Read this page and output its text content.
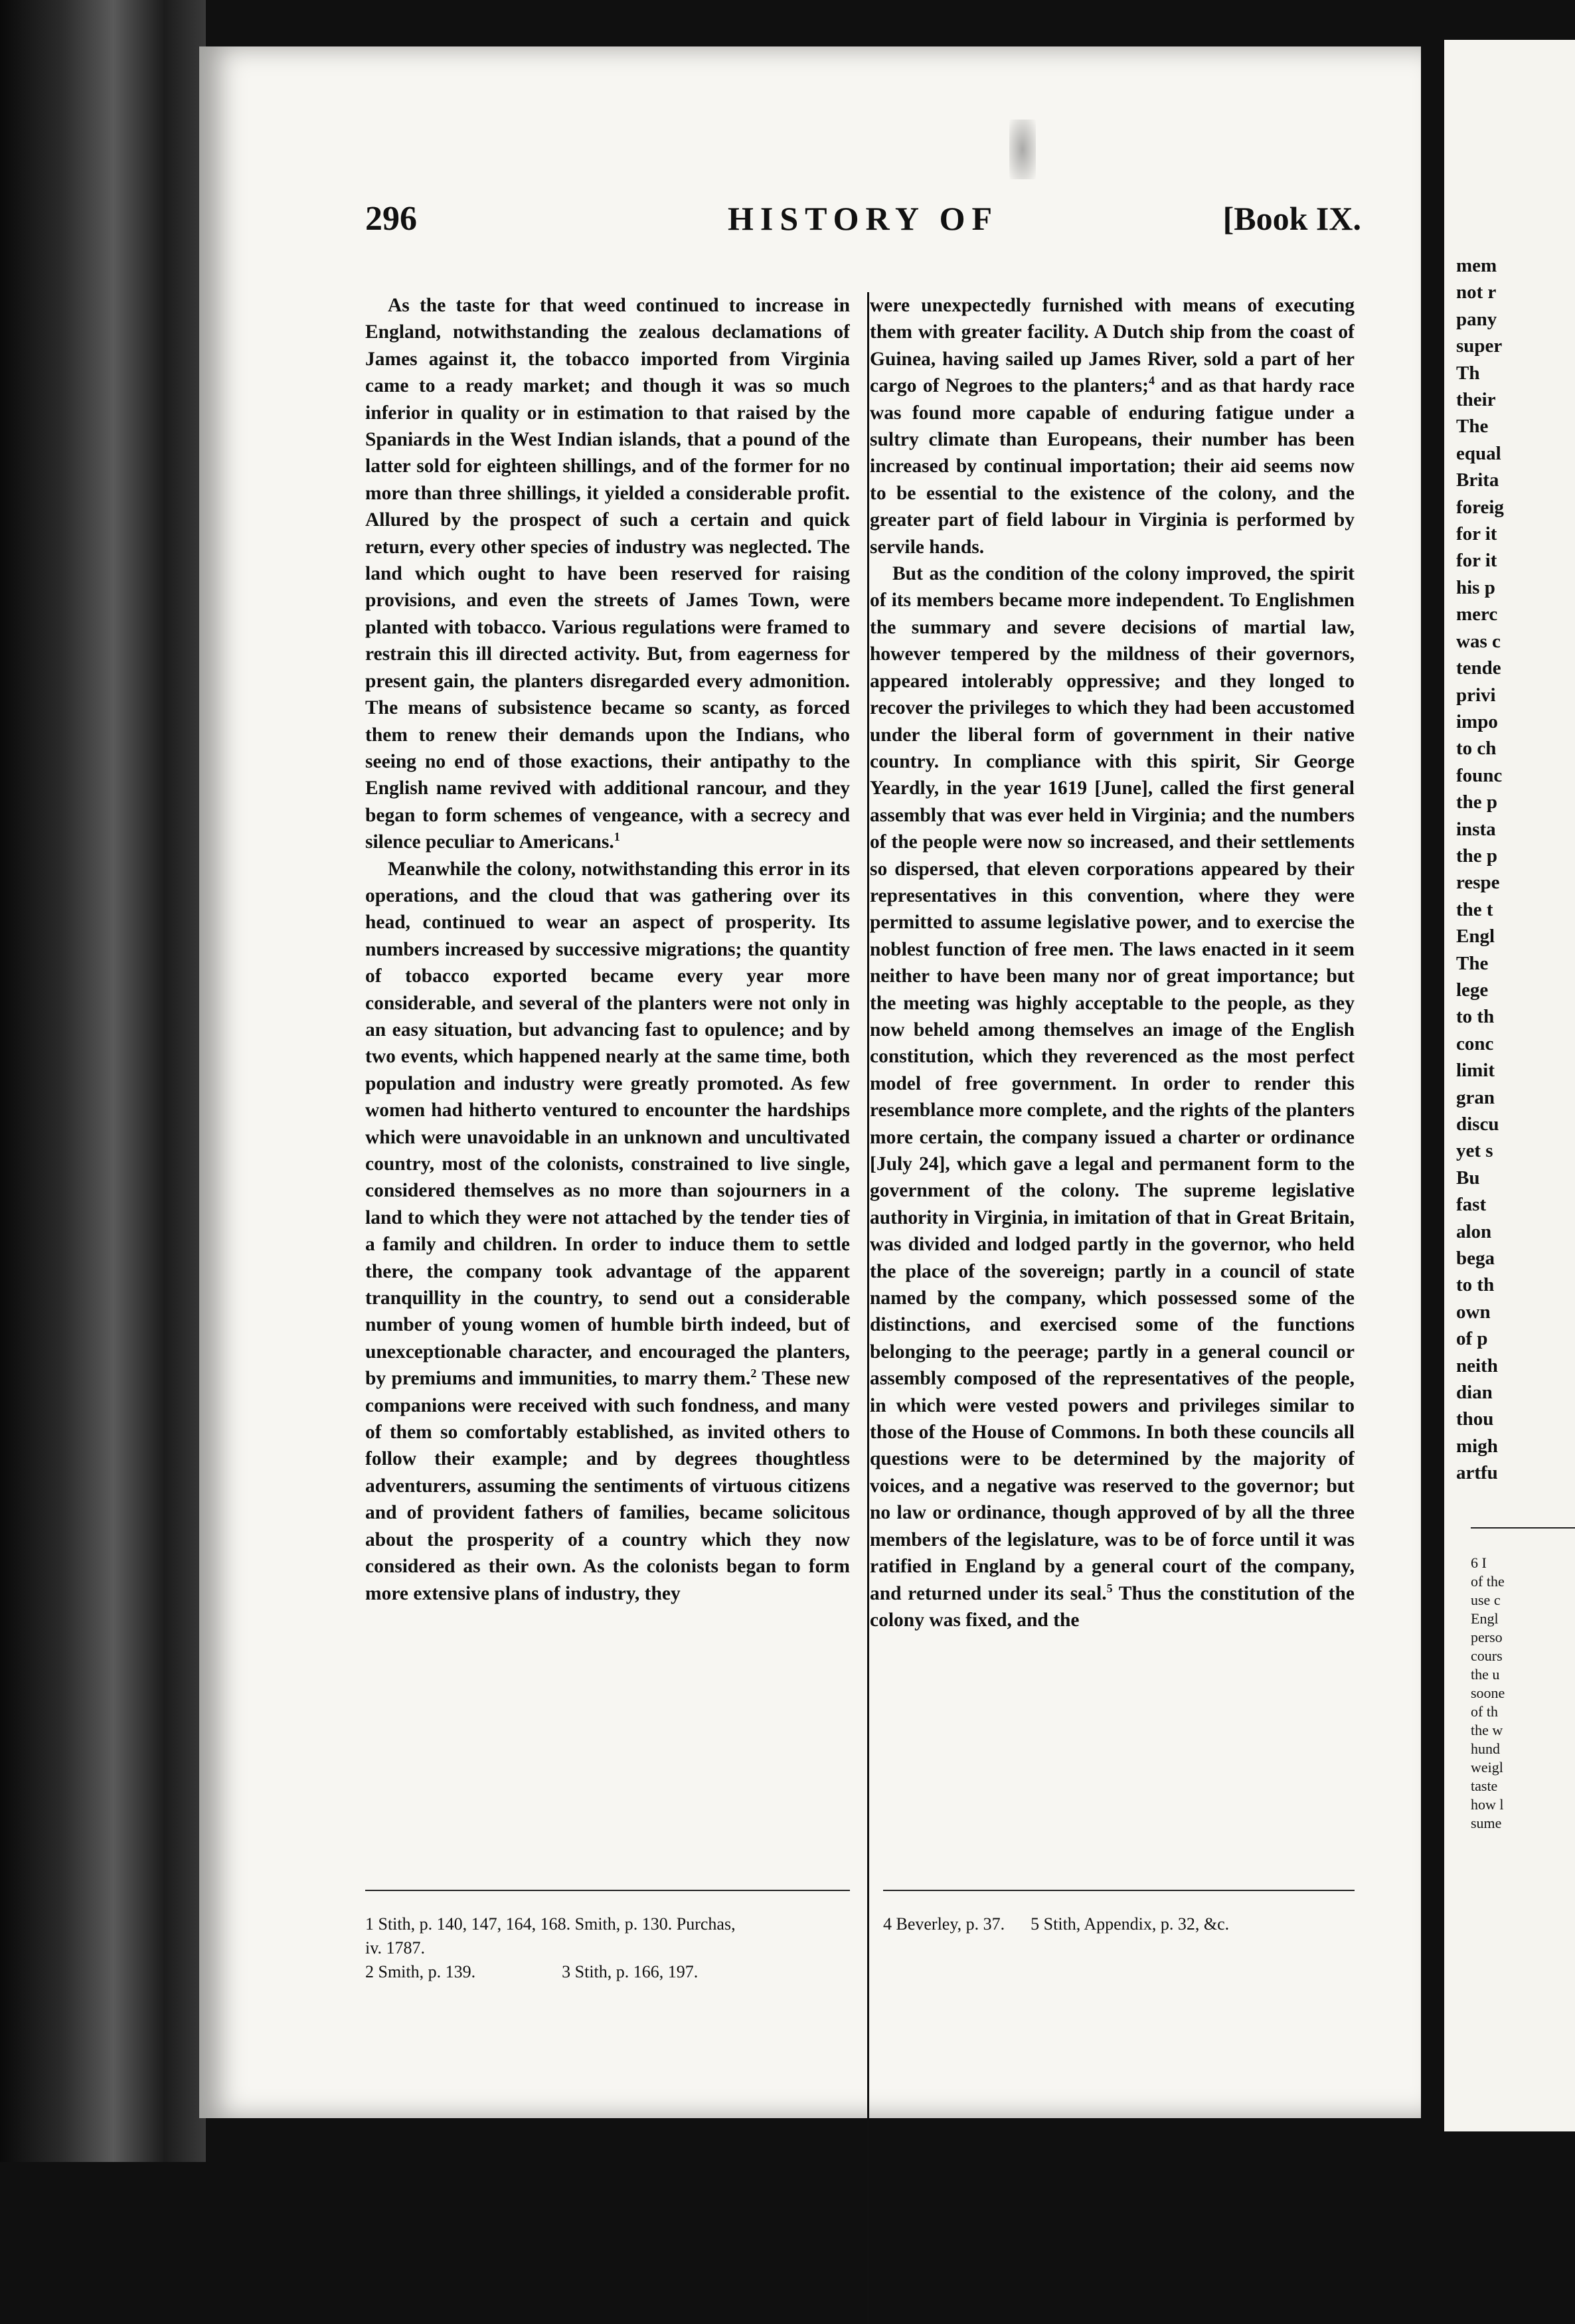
296	HISTORY OF	[Book IX.

As the taste for that weed continued to increase in England, notwithstanding the zealous declamations of James against it, the tobacco imported from Virginia came to a ready market; and though it was so much inferior in quality or in estimation to that raised by the Spaniards in the West Indian islands, that a pound of the latter sold for eighteen shillings, and of the former for no more than three shillings, it yielded a considerable profit. Allured by the prospect of such a certain and quick return, every other species of industry was neglected. The land which ought to have been reserved for raising provisions, and even the streets of James Town, were planted with tobacco. Various regulations were framed to restrain this ill directed activity. But, from eagerness for present gain, the planters disregarded every admonition. The means of subsistence became so scanty, as forced them to renew their demands upon the Indians, who seeing no end of those exactions, their antipathy to the English name revived with additional rancour, and they began to form schemes of vengeance, with a secrecy and silence peculiar to Americans.$^1$

Meanwhile the colony, notwithstanding this error in its operations, and the cloud that was gathering over its head, continued to wear an aspect of prosperity. Its numbers increased by successive migrations; the quantity of tobacco exported became every year more considerable, and several of the planters were not only in an easy situation, but advancing fast to opulence; and by two events, which happened nearly at the same time, both population and industry were greatly promoted. As few women had hitherto ventured to encounter the hardships which were unavoidable in an unknown and uncultivated country, most of the colonists, constrained to live single, considered themselves as no more than sojourners in a land to which they were not attached by the tender ties of a family and children. In order to induce them to settle there, the company took advantage of the apparent tranquillity in the country, to send out a considerable number of young women of humble birth indeed, but of unexceptionable character, and encouraged the planters, by premiums and immunities, to marry them.$^2$ These new companions were received with such fondness, and many of them so comfortably established, as invited others to follow their example; and by degrees thoughtless adventurers, assuming the sentiments of virtuous citizens and of provident fathers of families, became solicitous about the prosperity of a country which they now considered as their own. As the colonists began to form more extensive plans of industry, they

were unexpectedly furnished with means of executing them with greater facility. A Dutch ship from the coast of Guinea, having sailed up James River, sold a part of her cargo of Negroes to the planters;$^4$ and as that hardy race was found more capable of enduring fatigue under a sultry climate than Europeans, their number has been increased by continual importation; their aid seems now to be essential to the existence of the colony, and the greater part of field labour in Virginia is performed by servile hands.

But as the condition of the colony improved, the spirit of its members became more independent. To Englishmen the summary and severe decisions of martial law, however tempered by the mildness of their governors, appeared intolerably oppressive; and they longed to recover the privileges to which they had been accustomed under the liberal form of government in their native country. In compliance with this spirit, Sir George Yeardly, in the year 1619 [June], called the first general assembly that was ever held in Virginia; and the numbers of the people were now so increased, and their settlements so dispersed, that eleven corporations appeared by their representatives in this convention, where they were permitted to assume legislative power, and to exercise the noblest function of free men. The laws enacted in it seem neither to have been many nor of great importance; but the meeting was highly acceptable to the people, as they now beheld among themselves an image of the English constitution, which they reverenced as the most perfect model of free government. In order to render this resemblance more complete, and the rights of the planters more certain, the company issued a charter or ordinance [July 24], which gave a legal and permanent form to the government of the colony. The supreme legislative authority in Virginia, in imitation of that in Great Britain, was divided and lodged partly in the governor, who held the place of the sovereign; partly in a council of state named by the company, which possessed some of the distinctions, and exercised some of the functions belonging to the peerage; partly in a general council or assembly composed of the representatives of the people, in which were vested powers and privileges similar to those of the House of Commons. In both these councils all questions were to be determined by the majority of voices, and a negative was reserved to the governor; but no law or ordinance, though approved of by all the three members of the legislature, was to be of force until it was ratified in England by a general court of the company, and returned under its seal.$^5$ Thus the constitution of the colony was fixed, and the

1 Stith, p. 140, 147, 164, 168. Smith, p. 130. Purchas,
iv. 1787.
2 Smith, p. 139.                    3 Stith, p. 166, 197.
4 Beverley, p. 37.      5 Stith, Appendix, p. 32, &c.
mem
not r
pany
super
Th
their
The
equal
Brita
foreig
for it
for it
his p
merc
was c
tende
privi
impo
to ch
founc
the p
insta
the p
respe
the t
Engl
The
lege
to th
conc
limit
gran
discu
yet s
Bu
fast
alon
bega
to th
own
of p
neith
dian
thou
migh
artfu
6 I
of the
use c
Engl
perso
cours
the u
soone
of th
the w
hund
weigl
taste
how l
sume
